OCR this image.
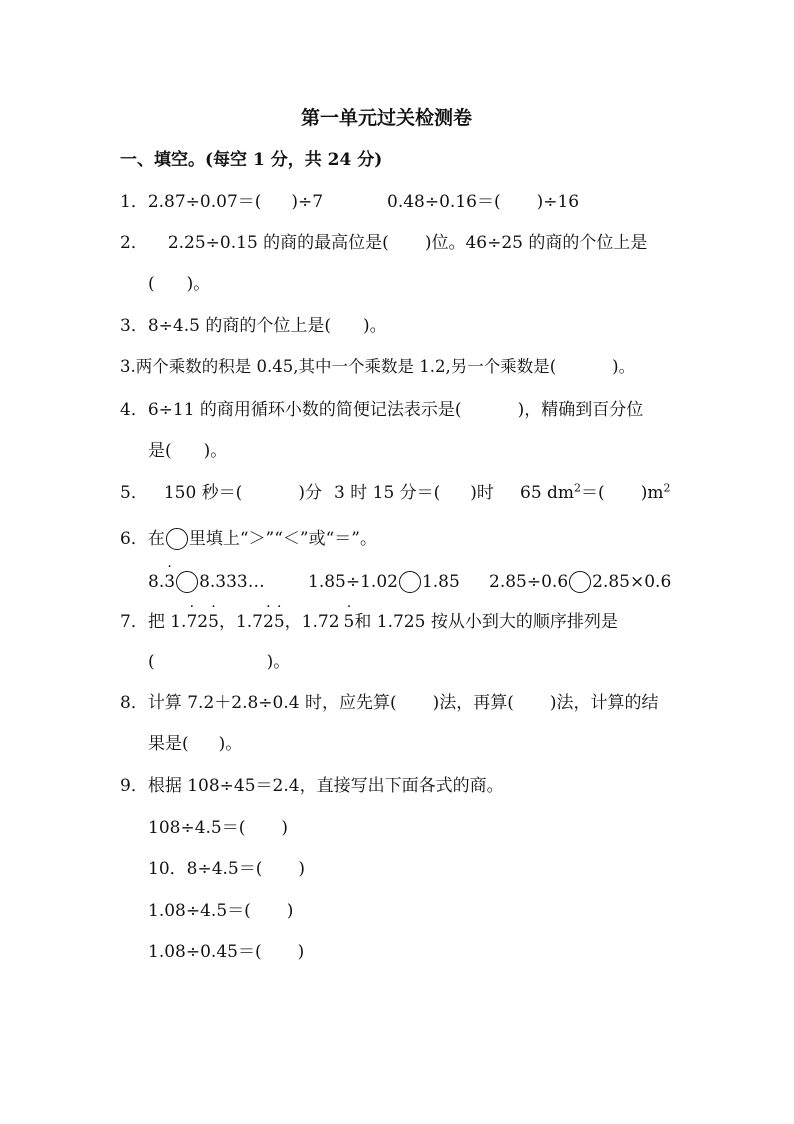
第一单元过关检测卷
一、填空。(每空 1 分，共 24 分)
1．2.87÷0.07＝( )÷7	0.48÷0.16＝( )÷16
2． 2.25÷0.15 的商的最高位是( )位。46÷25 的商的个位上是
( )。
3．8÷4.5 的商的个位上是( )。
3.两个乘数的积是 0.45,其中一个乘数是 1.2,另一个乘数是(	)。
4．6÷11 的商用循环小数的简便记法表示是(	)，精确到百分位
是( )。
5． 150 秒＝(	)分 3 时 15 分＝( )时 65 $dm^2=$( )$m^2$
6．在 里填上“＞”“＜”或“＝”。
8.· 3 8.333…	1.85÷1.02 1.85 2.85÷0.6 2.85×0.6
7．把 1.· 72· 5，1.7· 2· 5，1.72· 5和 1.725 按从小到大的顺序排列是
(	)。
8．计算 7.2＋2.8÷0.4 时，应先算( )法，再算( )法，计算的结
果是( )。
9．根据 108÷45＝2.4，直接写出下面各式的商。
108÷4.5＝( )
10．8÷4.5＝( )
1.08÷4.5＝( )
1.08÷0.45＝( )
